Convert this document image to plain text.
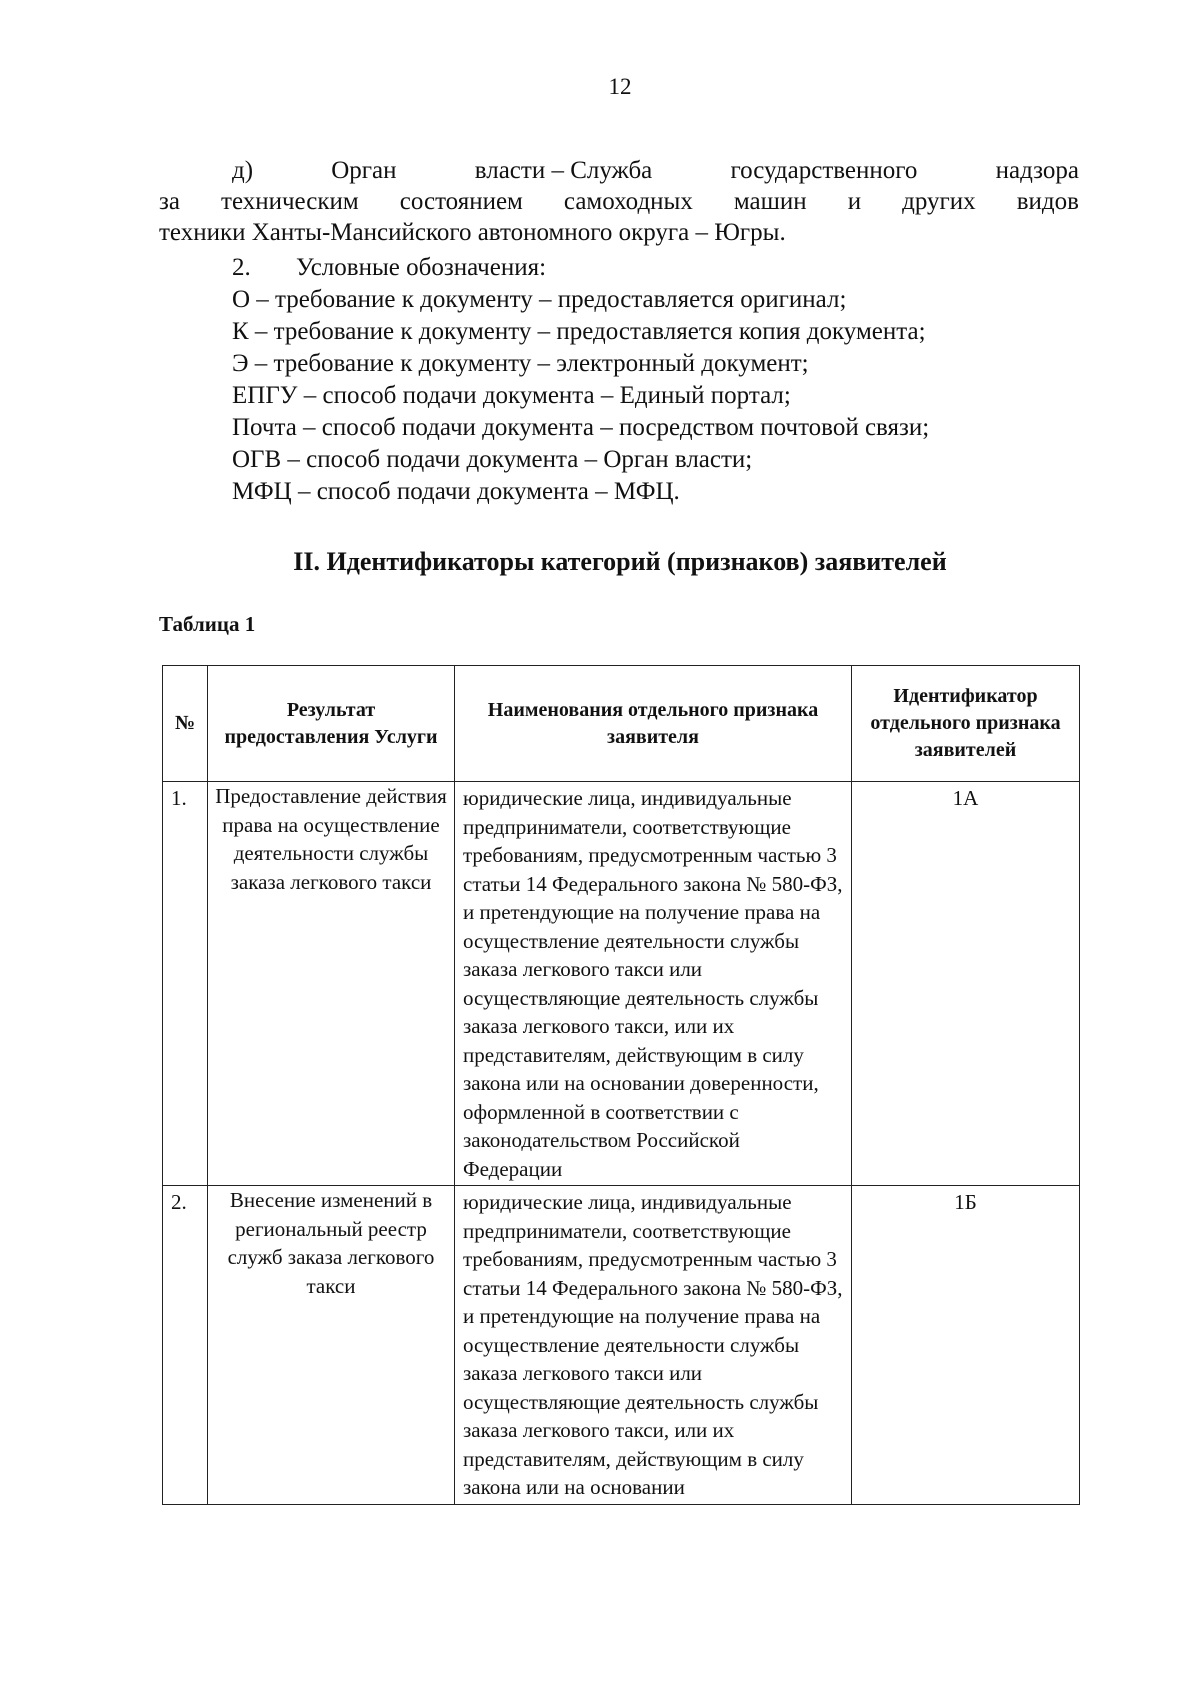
12
д)	Орган	власти – Служба	государственного	надзора
за техническим состоянием самоходных машин и других видов
техники Ханты-Мансийского автономного округа – Югры.
2. Условные обозначения:
О – требование к документу – предоставляется оригинал;
К – требование к документу – предоставляется копия документа;
Э – требование к документу – электронный документ;
ЕПГУ – способ подачи документа – Единый портал;
Почта – способ подачи документа – посредством почтовой связи;
ОГВ – способ подачи документа – Орган власти;
МФЦ – способ подачи документа – МФЦ.
II. Идентификаторы категорий (признаков) заявителей
Таблица 1
№	Результат предоставления Услуги	Наименования отдельного признака заявителя	Идентификатор отдельного признака заявителей
1.	Предоставление действия права на осуществление деятельности службы заказа легкового такси	юридические лица, индивидуальные предприниматели, соответствующие требованиям, предусмотренным частью 3 статьи 14 Федерального закона № 580-ФЗ, и претендующие на получение права на осуществление деятельности службы заказа легкового такси или осуществляющие деятельность службы заказа легкового такси, или их представителям, действующим в силу закона или на основании доверенности, оформленной в соответствии с законодательством Российской Федерации	1А
2.	Внесение изменений в региональный реестр служб заказа легкового такси	юридические лица, индивидуальные предприниматели, соответствующие требованиям, предусмотренным частью 3 статьи 14 Федерального закона № 580-ФЗ, и претендующие на получение права на осуществление деятельности службы заказа легкового такси или осуществляющие деятельность службы заказа легкового такси, или их представителям, действующим в силу закона или на основании	1Б
